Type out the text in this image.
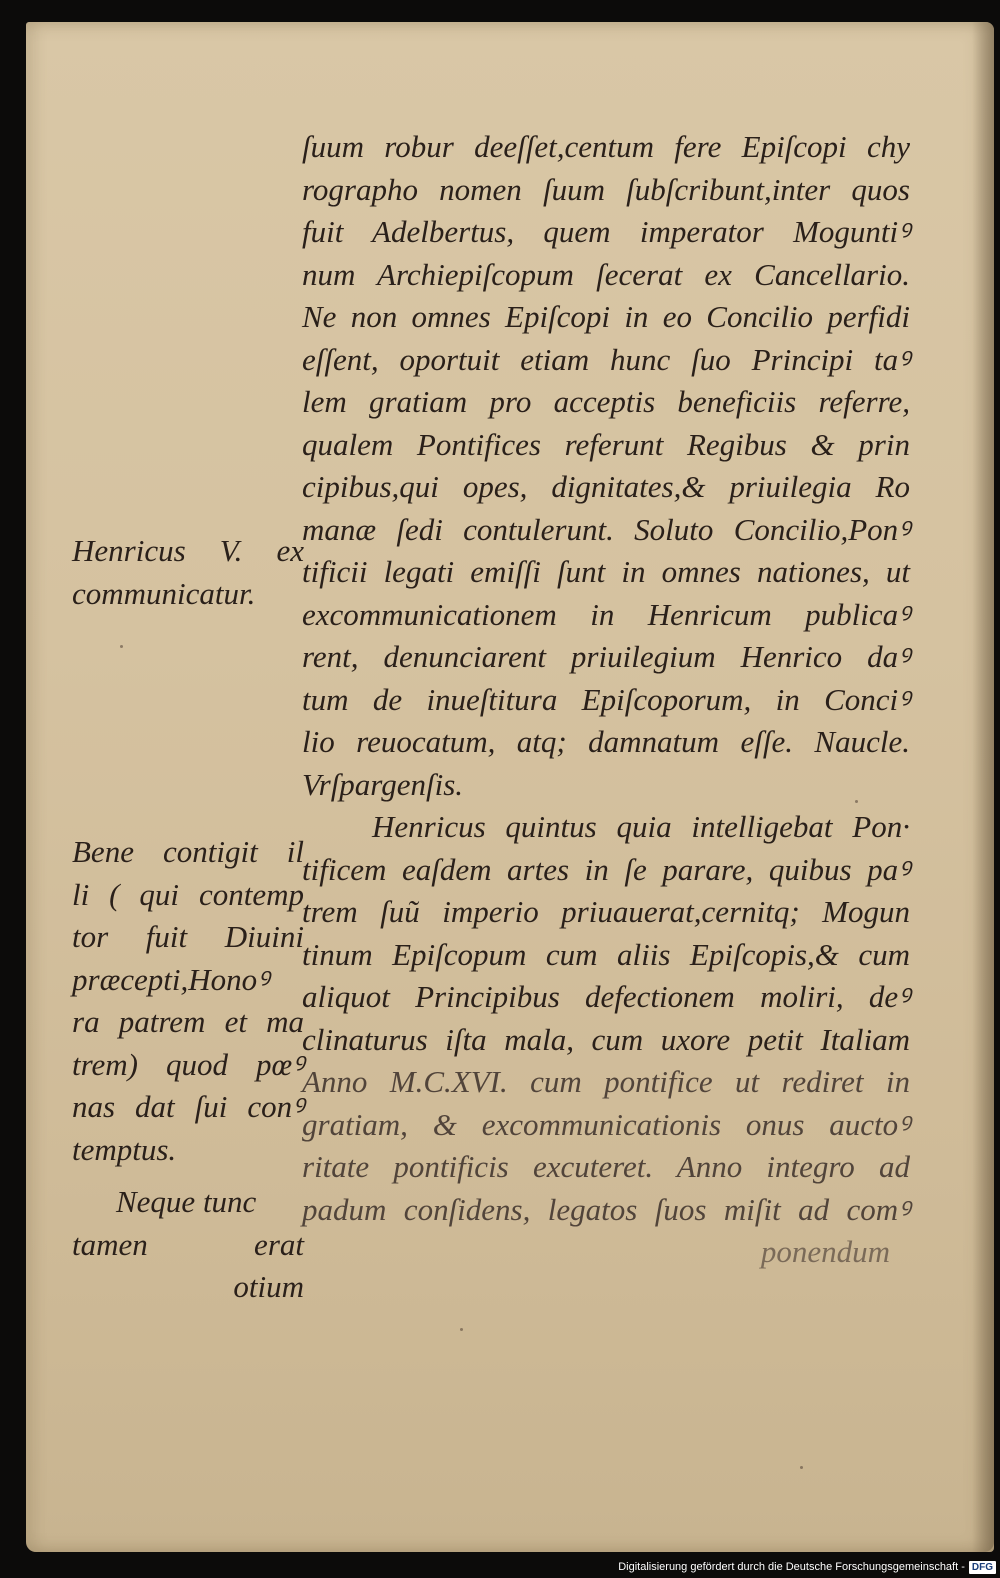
ſuum robur deeſſet,centum fere Epiſcopi chy
rographo nomen ſuum ſubſcribunt,inter quos
fuit Adelbertus, quem imperator Moguntiꝰ
num Archiepiſcopum ſecerat ex Cancellario.
Ne non omnes Epiſcopi in eo Concilio perfidi
eſſent, oportuit etiam hunc ſuo Principi taꝰ
lem gratiam pro acceptis beneficiis referre,
qualem Pontifices referunt Regibus & prin
cipibus,qui opes, dignitates,& priuilegia Ro
manæ ſedi contulerunt. Soluto Concilio,Ponꝰ
tificii legati emiſſi ſunt in omnes nationes, ut
excommunicationem in Henricum publicaꝰ
rent, denunciarent priuilegium Henrico daꝰ
tum de inueſtitura Epiſcoporum, in Conciꝰ
lio reuocatum, atq; damnatum eſſe. Naucle.
Vrſpargenſis.
Henricus quintus quia intelligebat Pon·
tificem eaſdem artes in ſe parare, quibus paꝰ
trem ſuũ imperio priuauerat,cernitq; Mogun
tinum Epiſcopum cum aliis Epiſcopis,& cum
aliquot Principibus defectionem moliri, deꝰ
clinaturus iſta mala, cum uxore petit Italiam
Anno M.C.XVI. cum pontifice ut rediret in
gratiam, & excommunicationis onus auctoꝰ
ritate pontificis excuteret. Anno integro ad
padum conſidens, legatos ſuos miſit ad comꝰ
ponendum
Henricus V. ex
communicatur.
Bene contigit il
li ( qui contemp
tor fuit Diuini
præcepti,Honoꝰ
ra patrem et ma
trem) quod pœꝰ
nas dat ſui conꝰ
temptus.
Neque tunc
tamen erat
otium
Digitalisierung gefördert durch die Deutsche Forschungsgemeinschaft - DFG
